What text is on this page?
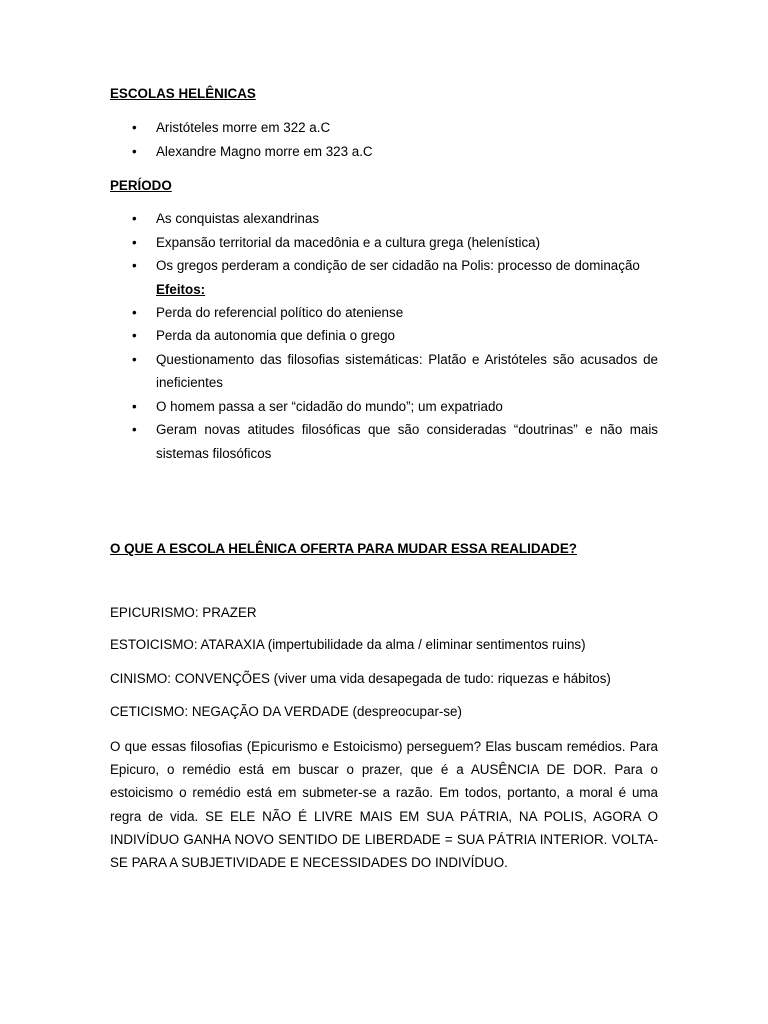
ESCOLAS HELÊNICAS
• Aristóteles morre em 322 a.C
• Alexandre Magno morre em 323 a.C
PERÍODO
• As conquistas alexandrinas
• Expansão territorial da macedônia e a cultura grega (helenística)
• Os gregos perderam a condição de ser cidadão na Polis: processo de dominação
Efeitos:
• Perda do referencial político do ateniense
• Perda da autonomia que definia o grego
• Questionamento das filosofias sistemáticas: Platão e Aristóteles são acusados de ineficientes
• O homem passa a ser “cidadão do mundo”; um expatriado
• Geram novas atitudes filosóficas que são consideradas “doutrinas” e não mais sistemas filosóficos
O QUE A ESCOLA HELÊNICA OFERTA PARA MUDAR ESSA REALIDADE?

EPICURISMO: PRAZER

ESTOICISMO: ATARAXIA (impertubilidade da alma / eliminar sentimentos ruins)

CINISMO: CONVENÇÕES (viver uma vida desapegada de tudo: riquezas e hábitos)

CETICISMO: NEGAÇÃO DA VERDADE (despreocupar-se)

O que essas filosofias (Epicurismo e Estoicismo) perseguem? Elas buscam remédios. Para Epicuro, o remédio está em buscar o prazer, que é a AUSÊNCIA DE DOR. Para o estoicismo o remédio está em submeter-se a razão. Em todos, portanto, a moral é uma regra de vida. SE ELE NÃO É LIVRE MAIS EM SUA PÁTRIA, NA POLIS, AGORA O INDIVÍDUO GANHA NOVO SENTIDO DE LIBERDADE = SUA PÁTRIA INTERIOR. VOLTA-SE PARA A SUBJETIVIDADE E NECESSIDADES DO INDIVÍDUO.
